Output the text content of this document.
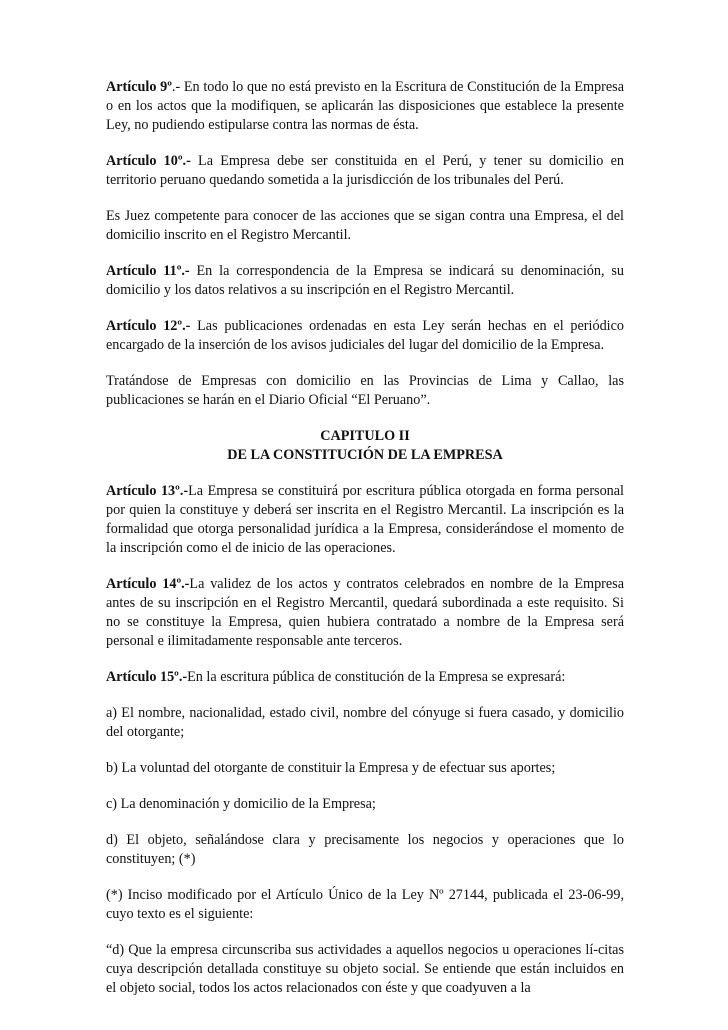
Artículo 9º.- En todo lo que no está previsto en la Escritura de Constitución de la Empresa o en los actos que la modifiquen, se aplicarán las disposiciones que establece la presente Ley, no pudiendo estipularse contra las normas de ésta.

Artículo 10º.- La Empresa debe ser constituida en el Perú, y tener su domicilio en territorio peruano quedando sometida a la jurisdicción de los tribunales del Perú.

Es Juez competente para conocer de las acciones que se sigan contra una Empresa, el del domicilio inscrito en el Registro Mercantil.

Artículo 11º.- En la correspondencia de la Empresa se indicará su denominación, su domicilio y los datos relativos a su inscripción en el Registro Mercantil.

Artículo 12º.- Las publicaciones ordenadas en esta Ley serán hechas en el periódico encargado de la inserción de los avisos judiciales del lugar del domicilio de la Empresa.

Tratándose de Empresas con domicilio en las Provincias de Lima y Callao, las publicaciones se harán en el Diario Oficial “El Peruano”.

CAPITULO II

DE LA CONSTITUCIÓN DE LA EMPRESA

Artículo 13º.-La Empresa se constituirá por escritura pública otorgada en forma personal por quien la constituye y deberá ser inscrita en el Registro Mercantil. La inscripción es la formalidad que otorga personalidad jurídica a la Empresa, considerándose el momento de la inscripción como el de inicio de las operaciones.

Artículo 14º.-La validez de los actos y contratos celebrados en nombre de la Empresa antes de su inscripción en el Registro Mercantil, quedará subordinada a este requisito. Si no se constituye la Empresa, quien hubiera contratado a nombre de la Empresa será personal e ilimitadamente responsable ante terceros.

Artículo 15º.-En la escritura pública de constitución de la Empresa se expresará:

a) El nombre, nacionalidad, estado civil, nombre del cónyuge si fuera casado, y domicilio del otorgante;

b) La voluntad del otorgante de constituir la Empresa y de efectuar sus aportes;

c) La denominación y domicilio de la Empresa;

d) El objeto, señalándose clara y precisamente los negocios y operaciones que lo constituyen; (*)

(*) Inciso modificado por el Artículo Único de la Ley Nº 27144, publicada el 23-06-99, cuyo texto es el siguiente:

“d) Que la empresa circunscriba sus actividades a aquellos negocios u operaciones lí-citas cuya descripción detallada constituye su objeto social. Se entiende que están incluidos en el objeto social, todos los actos relacionados con éste y que coadyuven a la
